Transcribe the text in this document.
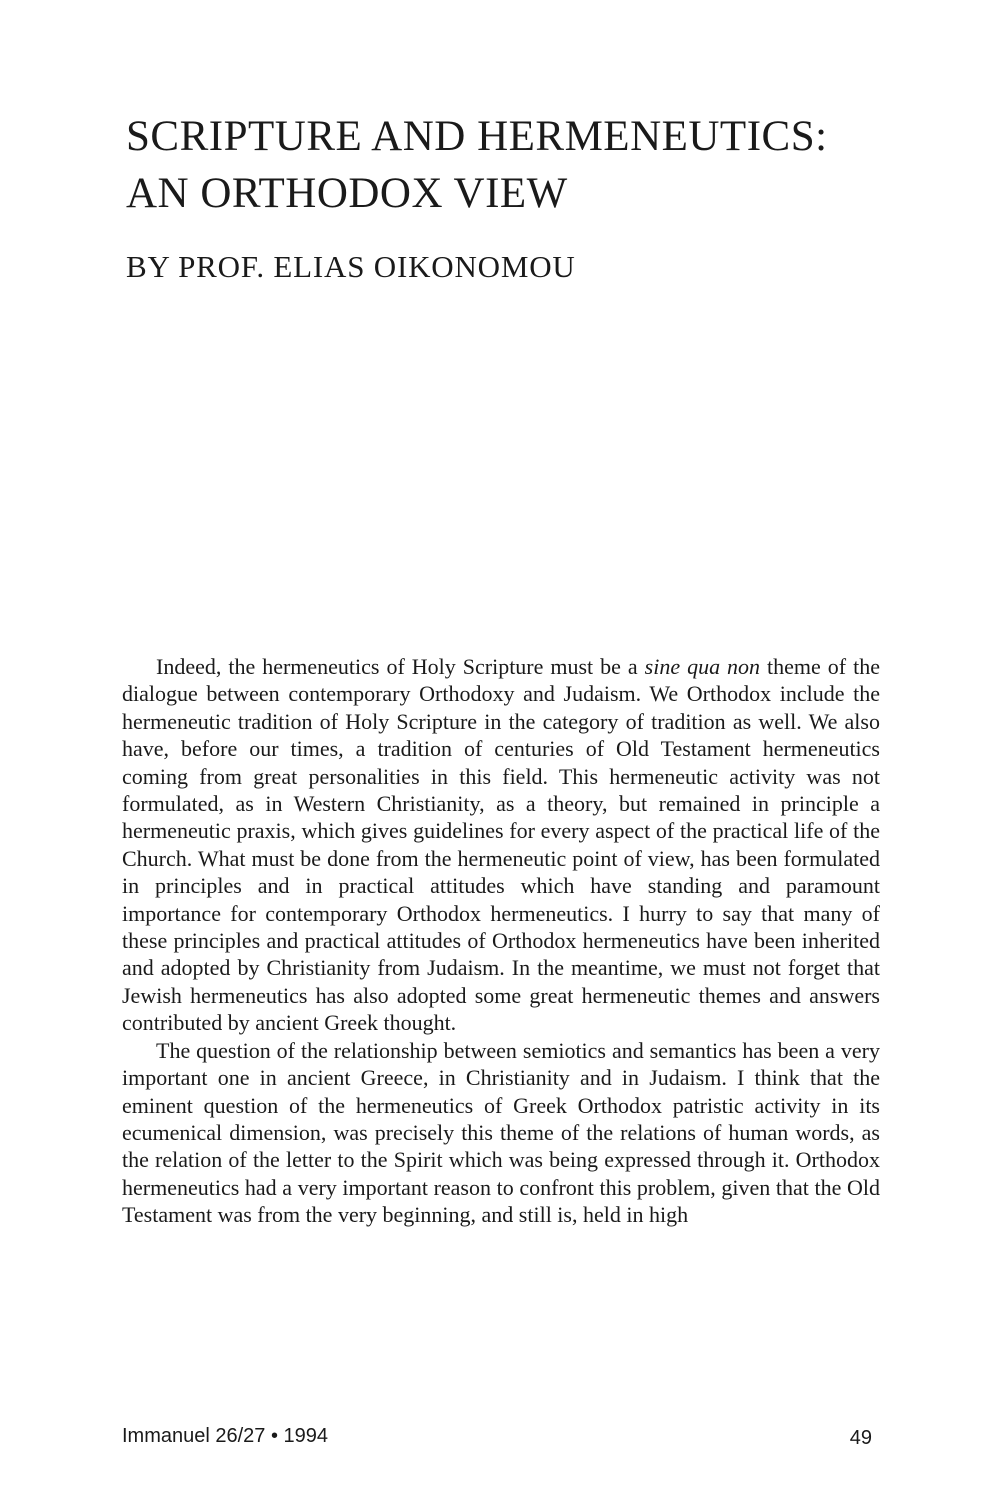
SCRIPTURE AND HERMENEUTICS:
AN ORTHODOX VIEW
BY PROF. ELIAS OIKONOMOU

Indeed, the hermeneutics of Holy Scripture must be a sine qua non theme of the dialogue between contemporary Orthodoxy and Judaism. We Orthodox include the hermeneutic tradition of Holy Scripture in the category of tradition as well. We also have, before our times, a tradition of centuries of Old Testament hermeneutics coming from great personalities in this field. This hermeneutic activity was not formulated, as in Western Christianity, as a theory, but remained in principle a hermeneutic praxis, which gives guidelines for every aspect of the practical life of the Church. What must be done from the hermeneutic point of view, has been formulated in principles and in practical attitudes which have standing and paramount importance for contemporary Orthodox hermeneutics. I hurry to say that many of these principles and practical attitudes of Orthodox hermeneutics have been inherited and adopted by Christianity from Judaism. In the meantime, we must not forget that Jewish hermeneutics has also adopted some great hermeneutic themes and answers contributed by ancient Greek thought.

The question of the relationship between semiotics and semantics has been a very important one in ancient Greece, in Christianity and in Judaism. I think that the eminent question of the hermeneutics of Greek Orthodox patristic activity in its ecumenical dimension, was precisely this theme of the relations of human words, as the relation of the letter to the Spirit which was being expressed through it. Orthodox hermeneutics had a very important reason to confront this problem, given that the Old Testament was from the very beginning, and still is, held in high

Immanuel 26/27 • 1994	49
